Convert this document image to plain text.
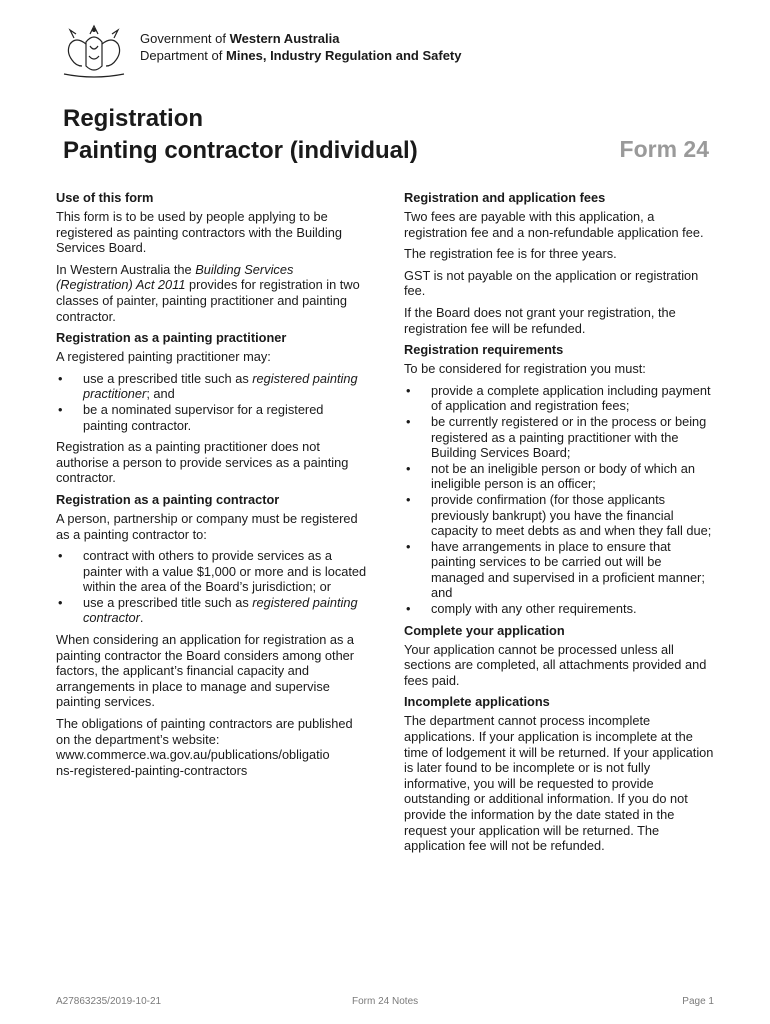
Government of Western Australia
Department of Mines, Industry Regulation and Safety
Registration
Painting contractor (individual)	Form 24
Use of this form

This form is to be used by people applying to be registered as painting contractors with the Building Services Board.

In Western Australia the Building Services (Registration) Act 2011 provides for registration in two classes of painter, painting practitioner and painting contractor.

Registration as a painting practitioner

A registered painting practitioner may:

• use a prescribed title such as registered painting practitioner; and
• be a nominated supervisor for a registered painting contractor.

Registration as a painting practitioner does not authorise a person to provide services as a painting contractor.

Registration as a painting contractor

A person, partnership or company must be registered as a painting contractor to:

• contract with others to provide services as a painter with a value $1,000 or more and is located within the area of the Board’s jurisdiction; or
• use a prescribed title such as registered painting contractor.

When considering an application for registration as a painting contractor the Board considers among other factors, the applicant’s financial capacity and arrangements in place to manage and supervise painting services.

The obligations of painting contractors are published on the department’s website:
www.commerce.wa.gov.au/publications/obligatio
ns-registered-painting-contractors

Registration and application fees

Two fees are payable with this application, a registration fee and a non-refundable application fee.

The registration fee is for three years.

GST is not payable on the application or registration fee.

If the Board does not grant your registration, the registration fee will be refunded.

Registration requirements

To be considered for registration you must:

• provide a complete application including payment of application and registration fees;
• be currently registered or in the process or being registered as a painting practitioner with the Building Services Board;
• not be an ineligible person or body of which an ineligible person is an officer;
• provide confirmation (for those applicants previously bankrupt) you have the financial capacity to meet debts as and when they fall due;
• have arrangements in place to ensure that painting services to be carried out will be managed and supervised in a proficient manner; and
• comply with any other requirements.
Complete your application

Your application cannot be processed unless all sections are completed, all attachments provided and fees paid.

Incomplete applications

The department cannot process incomplete applications. If your application is incomplete at the time of lodgement it will be returned. If your application is later found to be incomplete or is not fully informative, you will be requested to provide outstanding or additional information. If you do not provide the information by the date stated in the request your application will be returned. The application fee will not be refunded.

A27863235/2019-10-21	Form 24 Notes	Page 1
